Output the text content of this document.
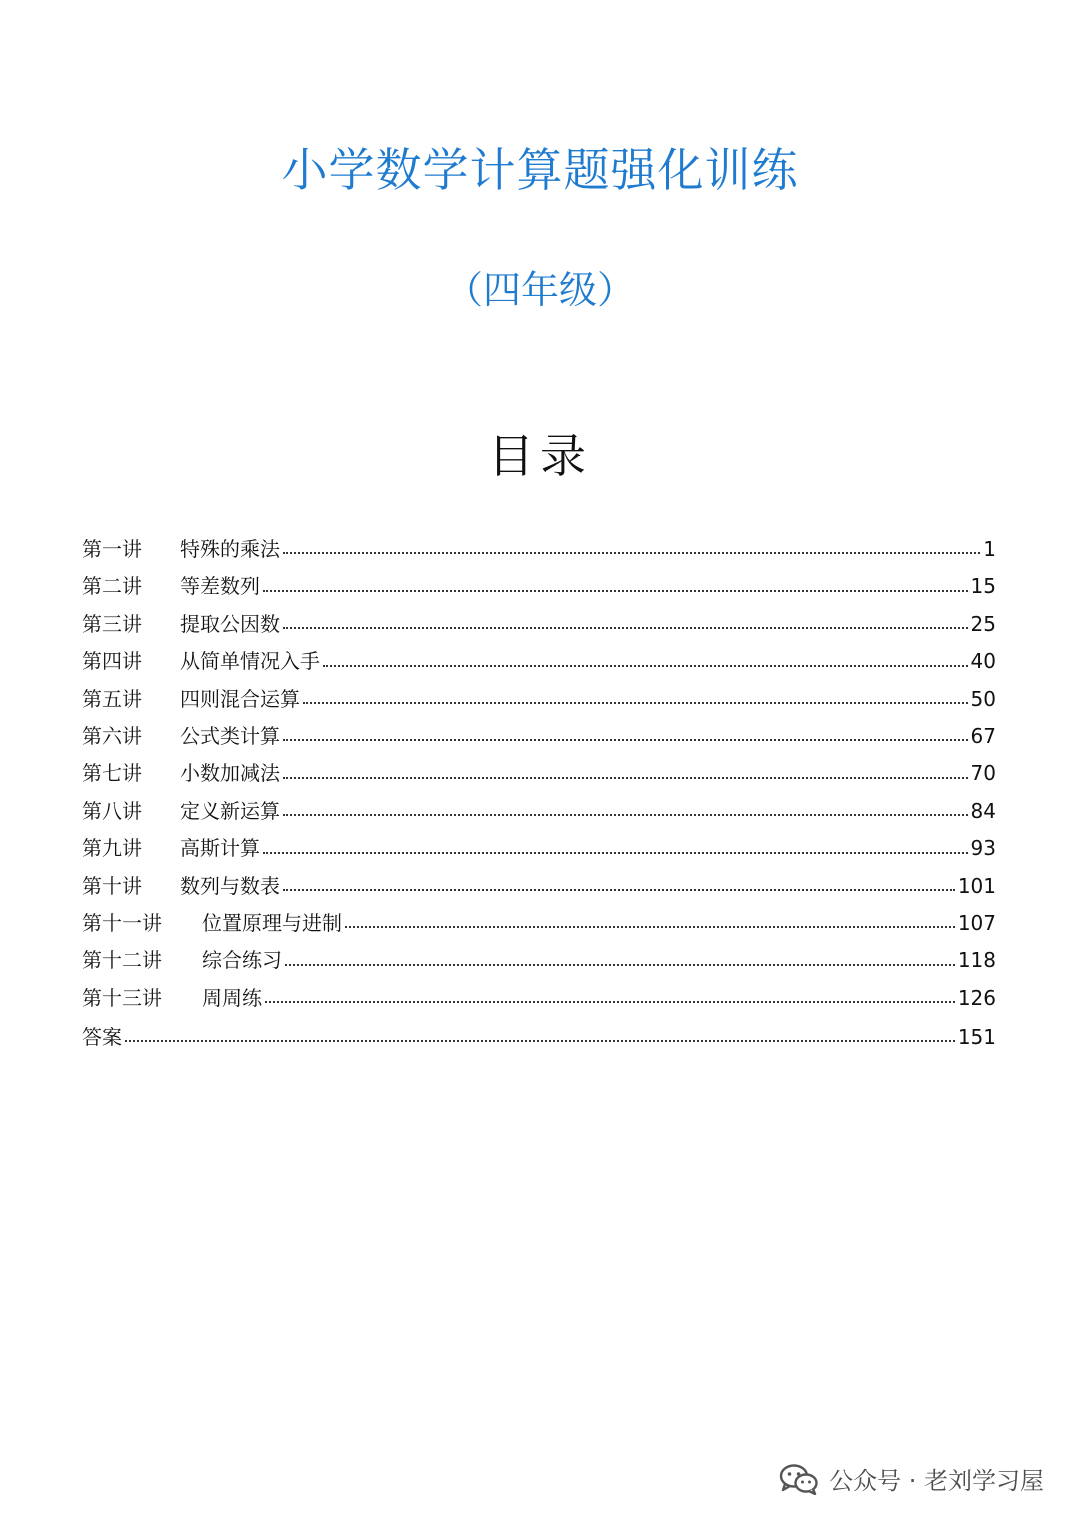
小学数学计算题强化训练
（四年级）
目录
第一讲	特殊的乘法	1
第二讲	等差数列	15
第三讲	提取公因数	25
第四讲	从简单情况入手	40
第五讲	四则混合运算	50
第六讲	公式类计算	67
第七讲	小数加减法	70
第八讲	定义新运算	84
第九讲	高斯计算	93
第十讲	数列与数表	101
第十一讲	位置原理与进制	107
第十二讲	综合练习	118
第十三讲	周周练	126
答案	151
公众号 · 老刘学习屋
